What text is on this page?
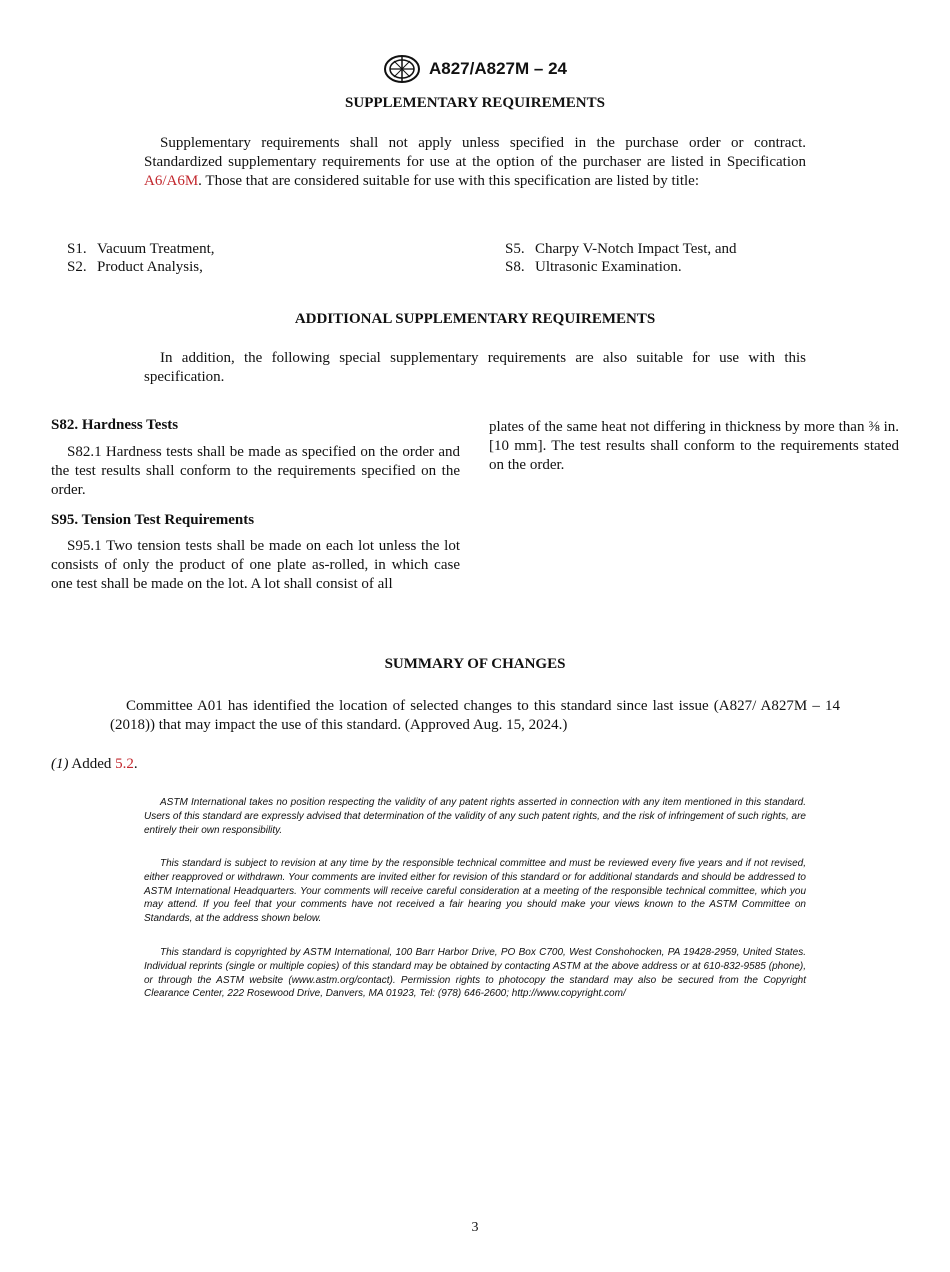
A827/A827M – 24
SUPPLEMENTARY REQUIREMENTS
Supplementary requirements shall not apply unless specified in the purchase order or contract. Standardized supplementary requirements for use at the option of the purchaser are listed in Specification A6/A6M. Those that are considered suitable for use with this specification are listed by title:
S1. Vacuum Treatment,
S2. Product Analysis,
S5. Charpy V-Notch Impact Test, and
S8. Ultrasonic Examination.
ADDITIONAL SUPPLEMENTARY REQUIREMENTS
In addition, the following special supplementary requirements are also suitable for use with this specification.
S82. Hardness Tests
S82.1 Hardness tests shall be made as specified on the order and the test results shall conform to the requirements specified on the order.
S95. Tension Test Requirements
S95.1 Two tension tests shall be made on each lot unless the lot consists of only the product of one plate as-rolled, in which case one test shall be made on the lot. A lot shall consist of all
plates of the same heat not differing in thickness by more than ⅜ in. [10 mm]. The test results shall conform to the requirements stated on the order.
SUMMARY OF CHANGES
Committee A01 has identified the location of selected changes to this standard since last issue (A827/ A827M – 14 (2018)) that may impact the use of this standard. (Approved Aug. 15, 2024.)
(1) Added 5.2.
ASTM International takes no position respecting the validity of any patent rights asserted in connection with any item mentioned in this standard. Users of this standard are expressly advised that determination of the validity of any such patent rights, and the risk of infringement of such rights, are entirely their own responsibility.
This standard is subject to revision at any time by the responsible technical committee and must be reviewed every five years and if not revised, either reapproved or withdrawn. Your comments are invited either for revision of this standard or for additional standards and should be addressed to ASTM International Headquarters. Your comments will receive careful consideration at a meeting of the responsible technical committee, which you may attend. If you feel that your comments have not received a fair hearing you should make your views known to the ASTM Committee on Standards, at the address shown below.
This standard is copyrighted by ASTM International, 100 Barr Harbor Drive, PO Box C700, West Conshohocken, PA 19428-2959, United States. Individual reprints (single or multiple copies) of this standard may be obtained by contacting ASTM at the above address or at 610-832-9585 (phone), or through the ASTM website (www.astm.org/contact). Permission rights to photocopy the standard may also be secured from the Copyright Clearance Center, 222 Rosewood Drive, Danvers, MA 01923, Tel: (978) 646-2600; http://www.copyright.com/
3
